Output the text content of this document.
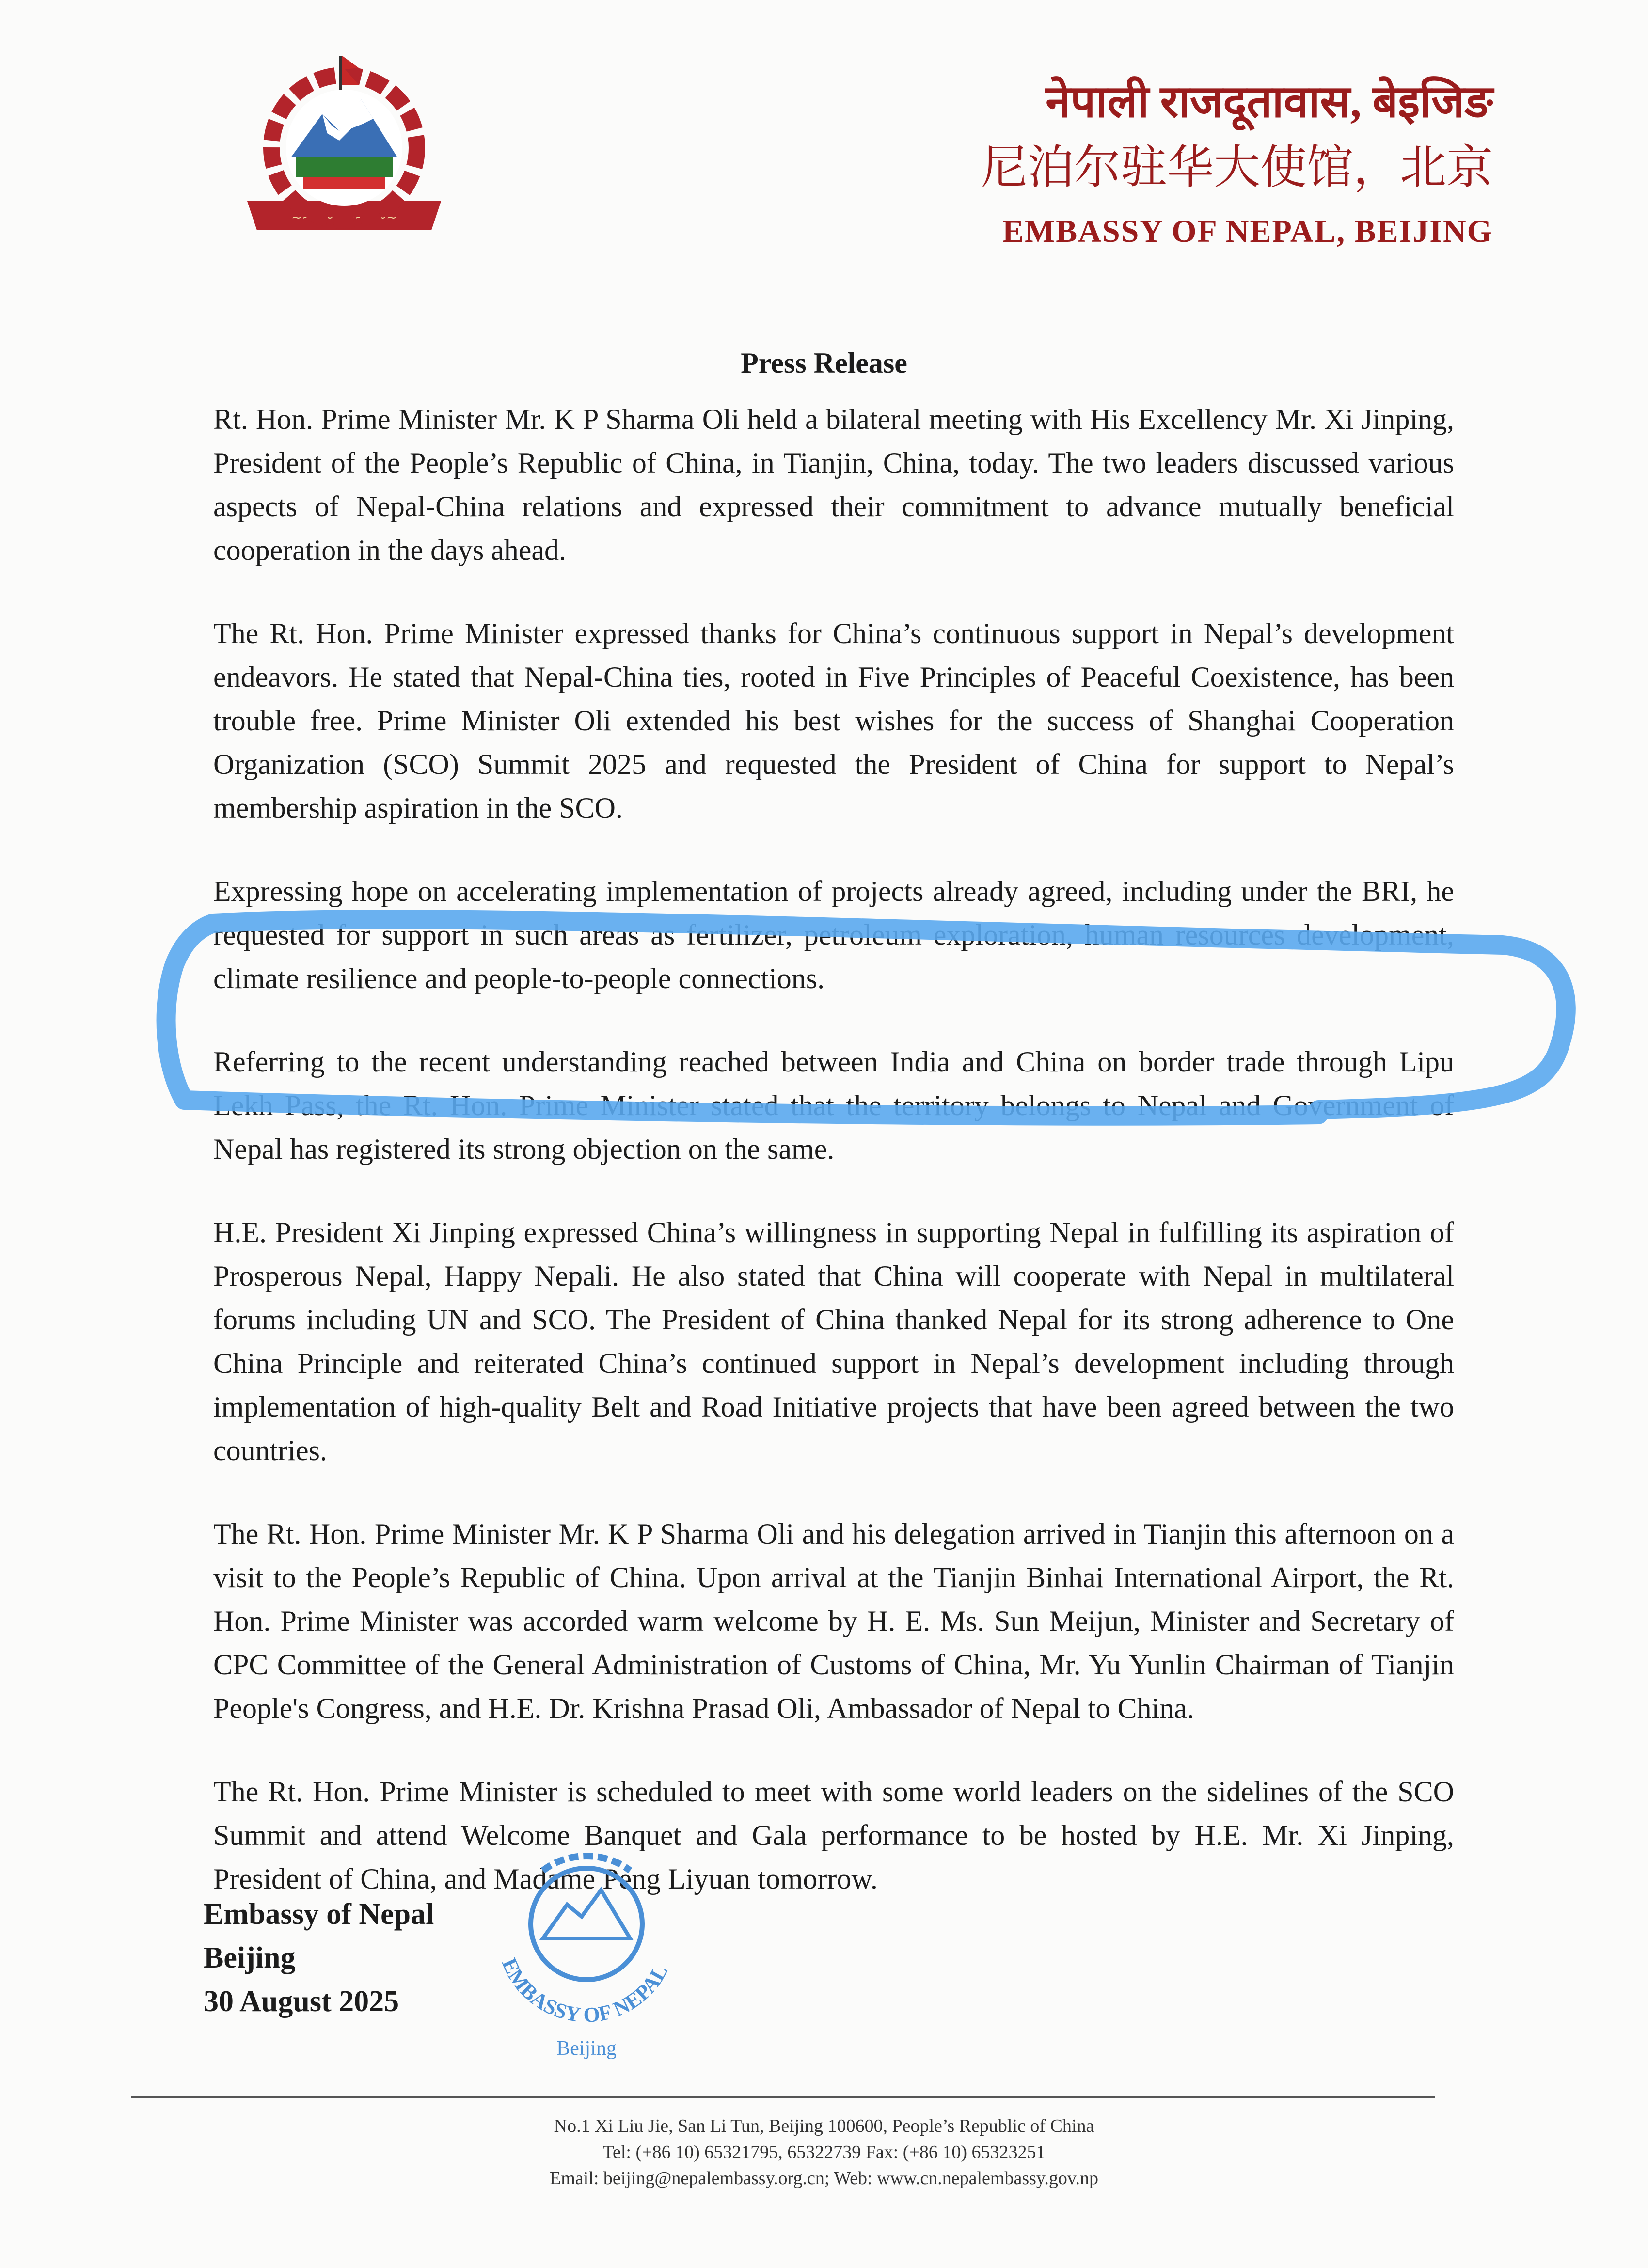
~~~~~~~~~~
नेपाली राजदूतावास, बेइजिङ
尼泊尔驻华大使馆，北京
EMBASSY OF NEPAL, BEIJING
Press Release

Rt. Hon. Prime Minister Mr. K P Sharma Oli held a bilateral meeting with His Excellency Mr. Xi Jinping, President of the People’s Republic of China, in Tianjin, China, today. The two leaders discussed various aspects of Nepal-China relations and expressed their commitment to advance mutually beneficial cooperation in the days ahead.

The Rt. Hon. Prime Minister expressed thanks for China’s continuous support in Nepal’s development endeavors. He stated that Nepal-China ties, rooted in Five Principles of Peaceful Coexistence, has been trouble free. Prime Minister Oli extended his best wishes for the success of Shanghai Cooperation Organization (SCO) Summit 2025 and requested the President of China for support to Nepal’s membership aspiration in the SCO.

Expressing hope on accelerating implementation of projects already agreed, including under the BRI, he requested for support in such areas as fertilizer, petroleum exploration, human resources development, climate resilience and people-to-people connections.

Referring to the recent understanding reached between India and China on border trade through Lipu Lekh Pass, the Rt. Hon. Prime Minister stated that the territory belongs to Nepal and Government of Nepal has registered its strong objection on the same.

H.E. President Xi Jinping expressed China’s willingness in supporting Nepal in fulfilling its aspiration of Prosperous Nepal, Happy Nepali. He also stated that China will cooperate with Nepal in multilateral forums including UN and SCO. The President of China thanked Nepal for its strong adherence to One China Principle and reiterated China’s continued support in Nepal’s development including through implementation of high-quality Belt and Road Initiative projects that have been agreed between the two countries.

The Rt. Hon. Prime Minister Mr. K P Sharma Oli and his delegation arrived in Tianjin this afternoon on a visit to the People’s Republic of China. Upon arrival at the Tianjin Binhai International Airport, the Rt. Hon. Prime Minister was accorded warm welcome by H. E. Ms. Sun Meijun, Minister and Secretary of CPC Committee of the General Administration of Customs of China, Mr. Yu Yunlin Chairman of Tianjin People's Congress, and H.E. Dr. Krishna Prasad Oli, Ambassador of Nepal to China.

The Rt. Hon. Prime Minister is scheduled to meet with some world leaders on the sidelines of the SCO Summit and attend Welcome Banquet and Gala performance to be hosted by H.E. Mr. Xi Jinping, President of China, and Madame Peng Liyuan tomorrow.

Embassy of Nepal
Beijing
30 August 2025
EMBASSY OF NEPAL
Beijing
No.1 Xi Liu Jie, San Li Tun, Beijing 100600, People’s Republic of China
Tel: (+86 10) 65321795, 65322739 Fax: (+86 10) 65323251
Email: beijing@nepalembassy.org.cn; Web: www.cn.nepalembassy.gov.np
